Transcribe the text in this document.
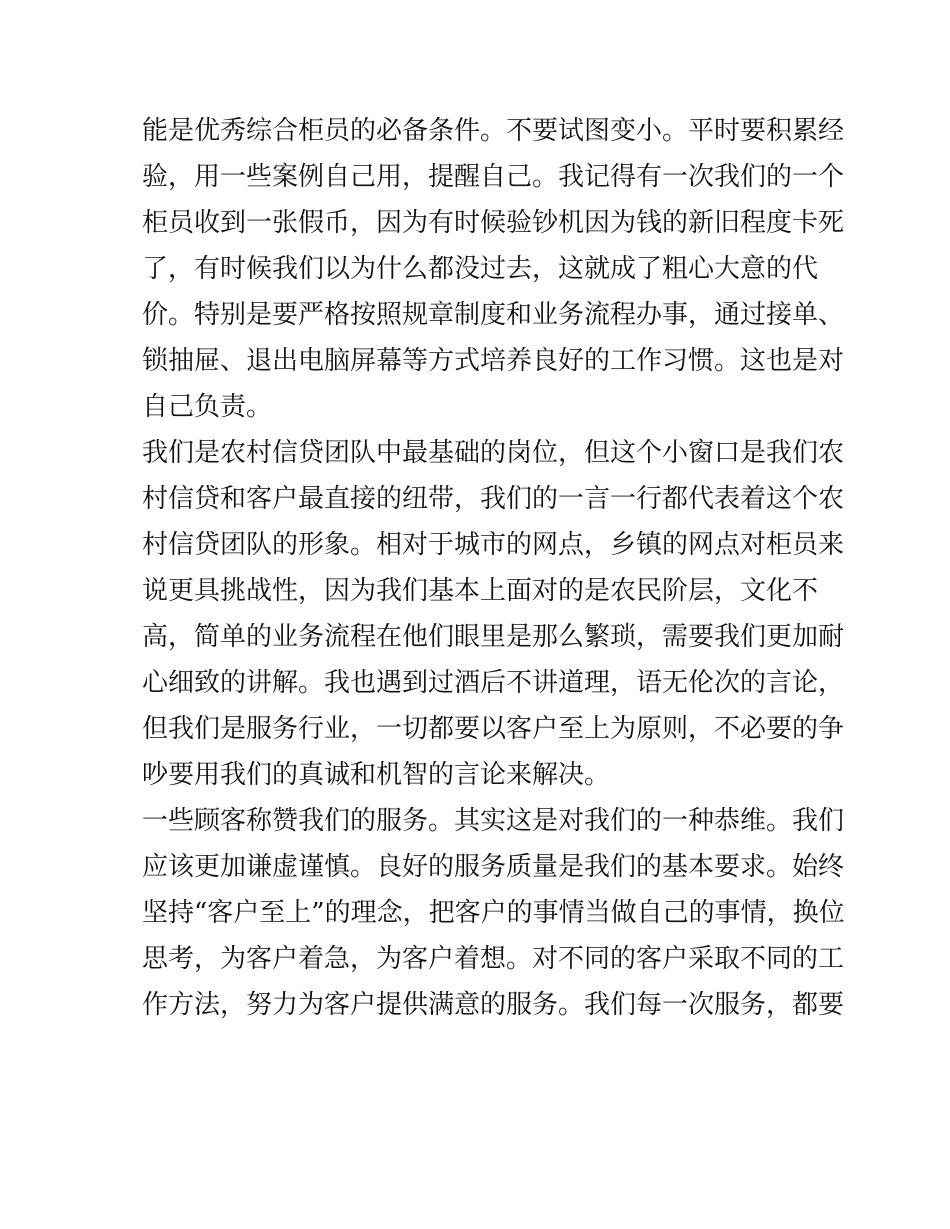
能是优秀综合柜员的必备条件。不要试图变小。平时要积累经
验，用一些案例自己用，提醒自己。我记得有一次我们的一个
柜员收到一张假币，因为有时候验钞机因为钱的新旧程度卡死
了，有时候我们以为什么都没过去，这就成了粗心大意的代
价。特别是要严格按照规章制度和业务流程办事，通过接单、
锁抽屉、退出电脑屏幕等方式培养良好的工作习惯。这也是对
自己负责。
我们是农村信贷团队中最基础的岗位，但这个小窗口是我们农
村信贷和客户最直接的纽带，我们的一言一行都代表着这个农
村信贷团队的形象。相对于城市的网点，乡镇的网点对柜员来
说更具挑战性，因为我们基本上面对的是农民阶层，文化不
高，简单的业务流程在他们眼里是那么繁琐，需要我们更加耐
心细致的讲解。我也遇到过酒后不讲道理，语无伦次的言论，
但我们是服务行业，一切都要以客户至上为原则，不必要的争
吵要用我们的真诚和机智的言论来解决。
一些顾客称赞我们的服务。其实这是对我们的一种恭维。我们
应该更加谦虚谨慎。良好的服务质量是我们的基本要求。始终
坚持“客户至上”的理念，把客户的事情当做自己的事情，换位
思考，为客户着急，为客户着想。对不同的客户采取不同的工
作方法，努力为客户提供满意的服务。我们每一次服务，都要
